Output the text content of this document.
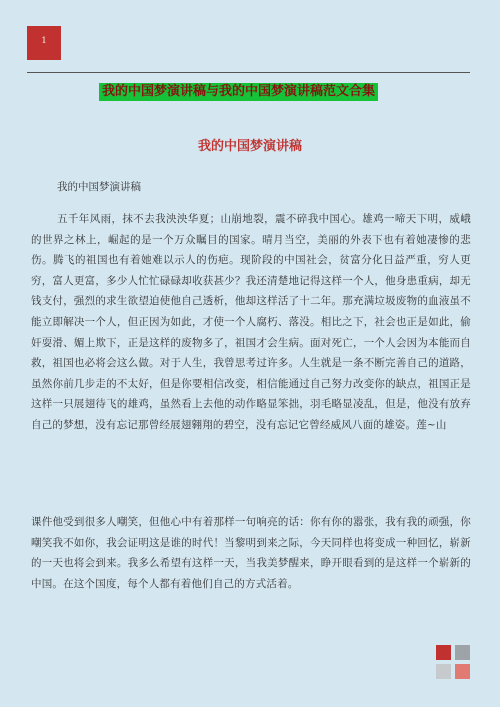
1
我的中国梦演讲稿与我的中国梦演讲稿范文合集
我的中国梦演讲稿
我的中国梦演讲稿

五千年风雨，抹不去我泱泱华夏；山崩地裂，震不碎我中国心。雄鸡一啼天下明，威峨的世界之林上，崛起的是一个万众瞩目的国家。晴月当空，美丽的外表下也有着她凄惨的悲伤。腾飞的祖国也有着她难以示人的伤疤。现阶段的中国社会，贫富分化日益严重，穷人更穷，富人更富，多少人忙忙碌碌却收获甚少？我还清楚地记得这样一个人，他身患重病，却无钱支付，强烈的求生欲望迫使他自己透析，他却这样活了十二年。那充满垃圾废物的血液虽不能立即解决一个人，但正因为如此，才使一个人腐朽、落没。相比之下，社会也正是如此，偷奸耍滑、媚上欺下，正是这样的废物多了，祖国才会生病。面对死亡，一个人会因为本能而自救，祖国也必将会这么做。对于人生，我曾思考过许多。人生就是一条不断完善自己的道路，虽然你前几步走的不太好，但是你要相信改变，相信能通过自己努力改变你的缺点，祖国正是这样一只展翅待飞的雄鸡，虽然看上去他的动作略显笨拙，羽毛略显凌乱，但是，他没有放弃自己的梦想，没有忘记那曾经展翅翱翔的碧空，没有忘记它曾经威风八面的雄姿。莲~山

课件他受到很多人嘲笑，但他心中有着那样一句响亮的话：你有你的嚣张，我有我的顽强，你嘲笑我不如你，我会证明这是谁的时代！当黎明到来之际，今天同样也将变成一种回忆，崭新的一天也将会到来。我多么希望有这样一天，当我美梦醒来，睁开眼看到的是这样一个崭新的中国。在这个国度，每个人都有着他们自己的方式活着。
